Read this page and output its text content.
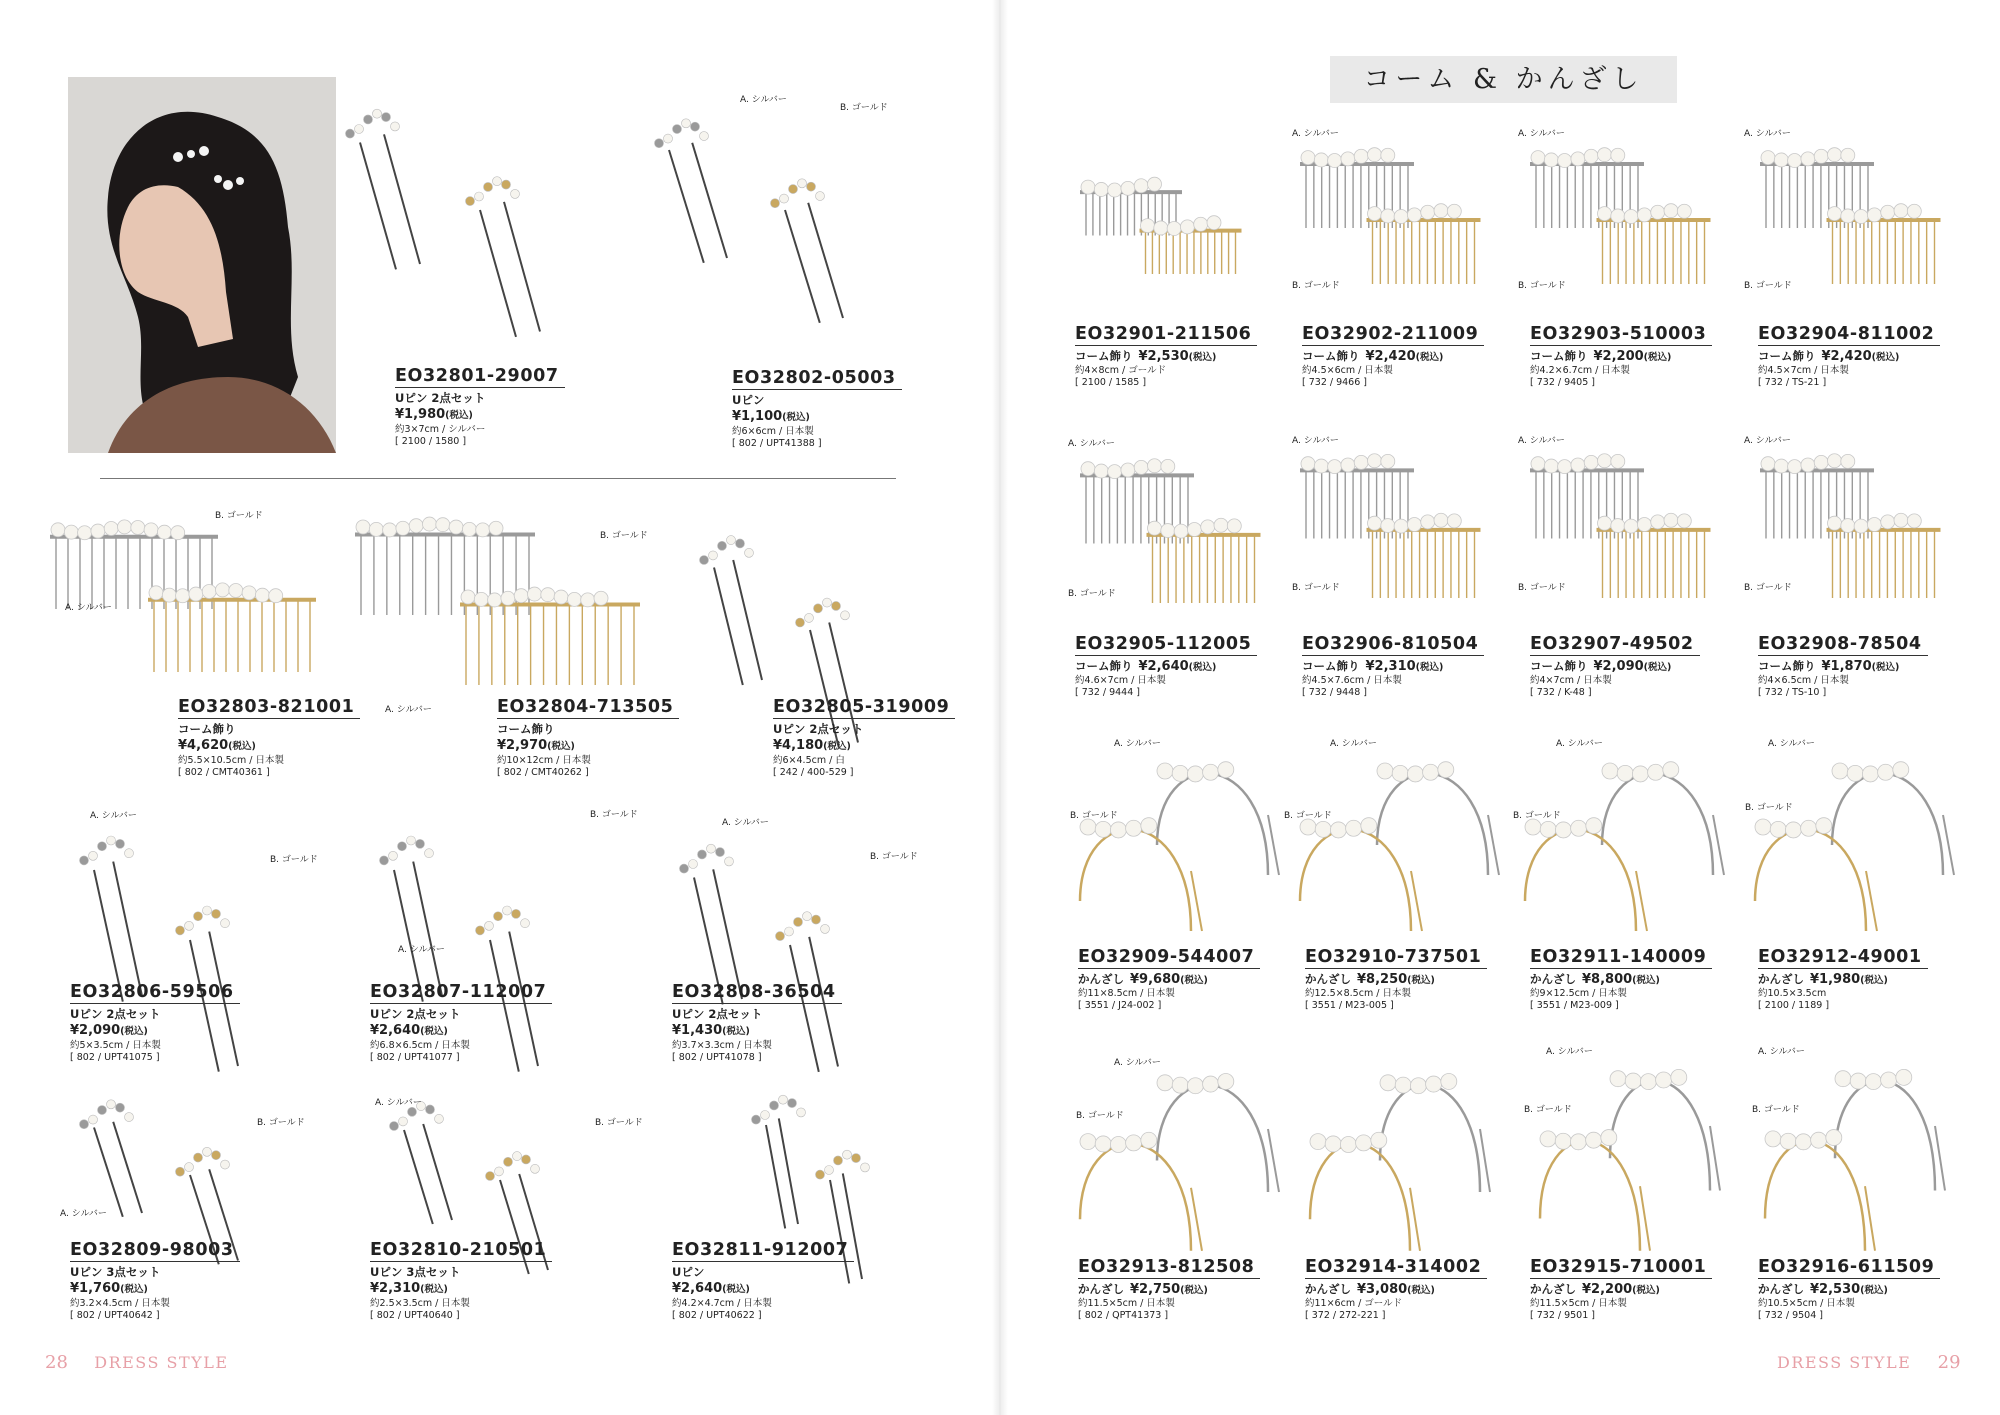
28 DRESS STYLE
EO32801-29007
Uピン 2点セット
¥1,980(税込)
約3×7cm / シルバー
[ 2100 / 1580 ]
A. シルバー
B. ゴールド
EO32802-05003
Uピン
¥1,100(税込)
約6×6cm / 日本製
[ 802 / UPT41388 ]
A. シルバー
B. ゴールド
EO32803-821001
コーム飾り
¥4,620(税込)
約5.5×10.5cm / 日本製
[ 802 / CMT40361 ]
A. シルバー
B. ゴールド
EO32804-713505
コーム飾り
¥2,970(税込)
約10×12cm / 日本製
[ 802 / CMT40262 ]
EO32805-319009
Uピン 2点セット
¥4,180(税込)
約6×4.5cm / 白
[ 242 / 400-529 ]
A. シルバー
B. ゴールド
EO32806-59506
Uピン 2点セット
¥2,090(税込)
約5×3.5cm / 日本製
[ 802 / UPT41075 ]
A. シルバー
B. ゴールド
EO32807-112007
Uピン 2点セット
¥2,640(税込)
約6.8×6.5cm / 日本製
[ 802 / UPT41077 ]
A. シルバー
B. ゴールド
EO32808-36504
Uピン 2点セット
¥1,430(税込)
約3.7×3.3cm / 日本製
[ 802 / UPT41078 ]
A. シルバー
B. ゴールド
EO32809-98003
Uピン 3点セット
¥1,760(税込)
約3.2×4.5cm / 日本製
[ 802 / UPT40642 ]
A. シルバー
B. ゴールド
EO32810-210501
Uピン 3点セット
¥2,310(税込)
約2.5×3.5cm / 日本製
[ 802 / UPT40640 ]
EO32811-912007
Uピン
¥2,640(税込)
約4.2×4.7cm / 日本製
[ 802 / UPT40622 ]
コーム & かんざし
DRESS STYLE 29
EO32901-211506
コーム飾り ¥2,530(税込)
約4×8cm / ゴールド
[ 2100 / 1585 ]
A. シルバー
B. ゴールド
EO32902-211009
コーム飾り ¥2,420(税込)
約4.5×6cm / 日本製
[ 732 / 9466 ]
A. シルバー
B. ゴールド
EO32903-510003
コーム飾り ¥2,200(税込)
約4.2×6.7cm / 日本製
[ 732 / 9405 ]
A. シルバー
B. ゴールド
EO32904-811002
コーム飾り ¥2,420(税込)
約4.5×7cm / 日本製
[ 732 / TS-21 ]
A. シルバー
B. ゴールド
EO32905-112005
コーム飾り ¥2,640(税込)
約4.6×7cm / 日本製
[ 732 / 9444 ]
A. シルバー
B. ゴールド
EO32906-810504
コーム飾り ¥2,310(税込)
約4.5×7.6cm / 日本製
[ 732 / 9448 ]
A. シルバー
B. ゴールド
EO32907-49502
コーム飾り ¥2,090(税込)
約4×7cm / 日本製
[ 732 / K-48 ]
A. シルバー
B. ゴールド
EO32908-78504
コーム飾り ¥1,870(税込)
約4×6.5cm / 日本製
[ 732 / TS-10 ]
A. シルバー
B. ゴールド
EO32909-544007
かんざし ¥9,680(税込)
約11×8.5cm / 日本製
[ 3551 / J24-002 ]
A. シルバー
B. ゴールド
EO32910-737501
かんざし ¥8,250(税込)
約12.5×8.5cm / 日本製
[ 3551 / M23-005 ]
A. シルバー
B. ゴールド
EO32911-140009
かんざし ¥8,800(税込)
約9×12.5cm / 日本製
[ 3551 / M23-009 ]
A. シルバー
B. ゴールド
EO32912-49001
かんざし ¥1,980(税込)
約10.5×3.5cm
[ 2100 / 1189 ]
A. シルバー
B. ゴールド
EO32913-812508
かんざし ¥2,750(税込)
約11.5×5cm / 日本製
[ 802 / QPT41373 ]
EO32914-314002
かんざし ¥3,080(税込)
約11×6cm / ゴールド
[ 372 / 272-221 ]
A. シルバー
B. ゴールド
EO32915-710001
かんざし ¥2,200(税込)
約11.5×5cm / 日本製
[ 732 / 9501 ]
A. シルバー
B. ゴールド
EO32916-611509
かんざし ¥2,530(税込)
約10.5×5cm / 日本製
[ 732 / 9504 ]
